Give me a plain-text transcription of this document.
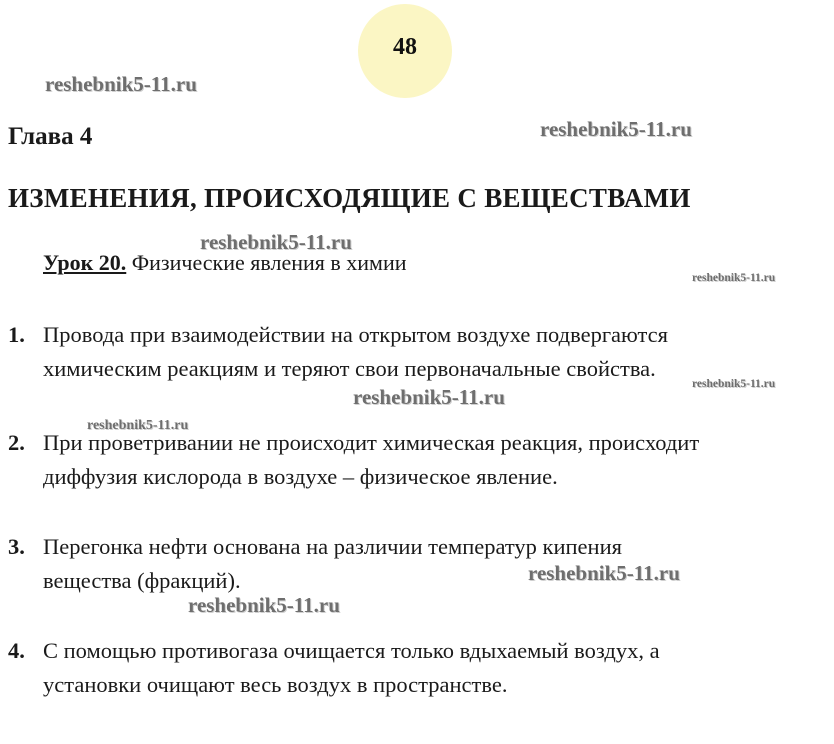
48
Глава 4
ИЗМЕНЕНИЯ, ПРОИСХОДЯЩИЕ С ВЕЩЕСТВАМИ
Урок 20. Физические явления в химии
1. Провода при взаимодействии на открытом воздухе подвергаются
химическим реакциям и теряют свои первоначальные свойства.
2. При проветривании не происходит химическая реакция, происходит
диффузия кислорода в воздухе – физическое явление.
3. Перегонка нефти основана на различии температур кипения
вещества (фракций).
4. С помощью противогаза очищается только вдыхаемый воздух, а
установки очищают весь воздух в пространстве.
reshebnik5-11.ru
reshebnik5-11.ru
reshebnik5-11.ru
reshebnik5-11.ru
reshebnik5-11.ru
reshebnik5-11.ru
reshebnik5-11.ru
reshebnik5-11.ru
reshebnik5-11.ru
